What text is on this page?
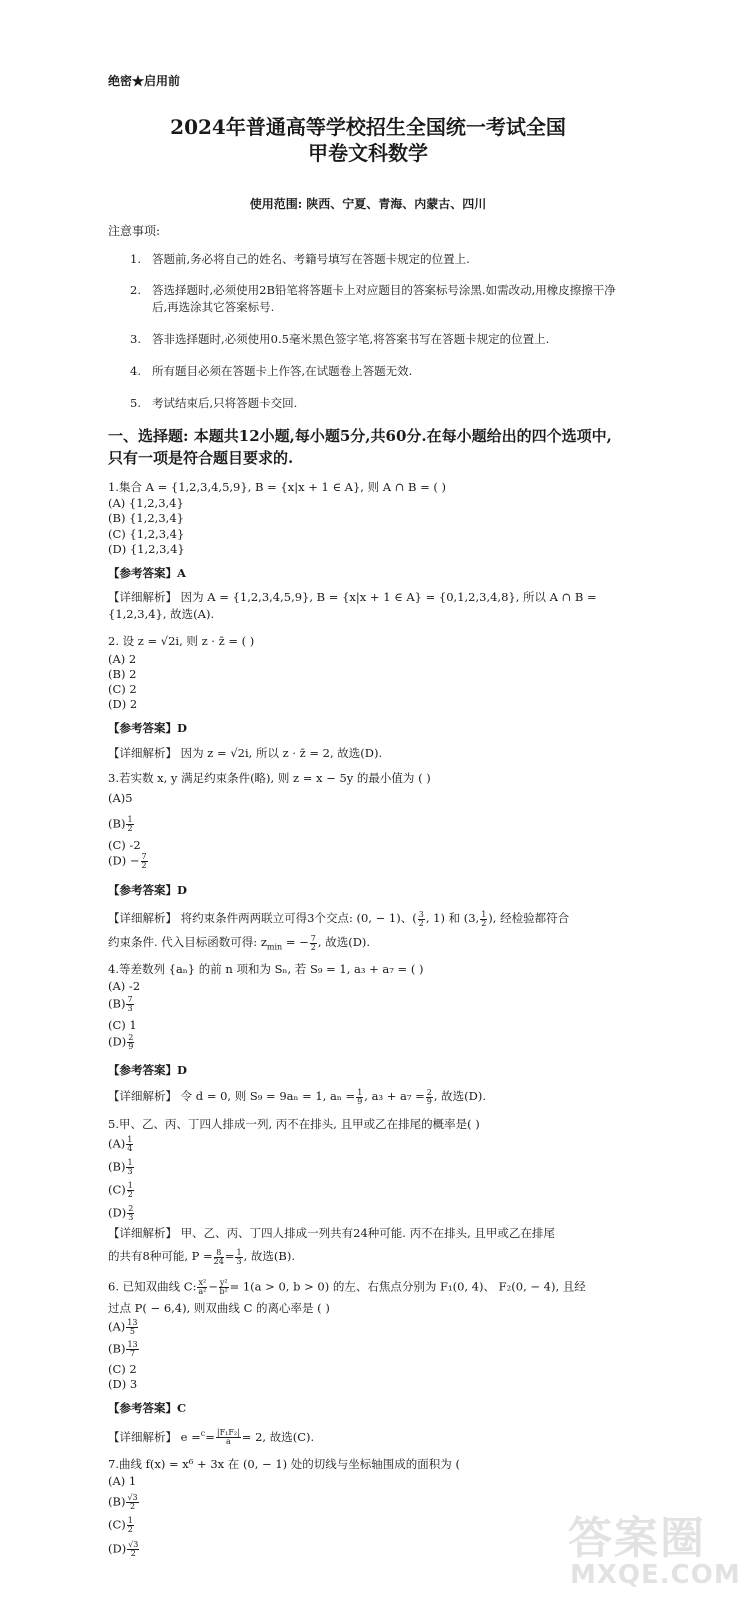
绝密★启用前
2024年普通高等学校招生全国统一考试全国
甲卷文科数学
使用范围: 陕西、宁夏、青海、内蒙古、四川
注意事项:
1. 答题前,务必将自己的姓名、考籍号填写在答题卡规定的位置上.
2. 答选择题时,必须使用2B铅笔将答题卡上对应题目的答案标号涂黑.如需改动,用橡皮擦擦干净后,再选涂其它答案标号.
3. 答非选择题时,必须使用0.5毫米黑色签字笔,将答案书写在答题卡规定的位置上.
4. 所有题目必须在答题卡上作答,在试题卷上答题无效.
5. 考试结束后,只将答题卡交回.
一、选择题: 本题共12小题,每小题5分,共60分.在每小题给出的四个选项中,只有一项是符合题目要求的.
1.集合 A = {1,2,3,4,5,9}, B = {x|x + 1 ∈ A}, 则 A ∩ B = ( )
(A) {1,2,3,4}
(B) {1,2,3,4}
(C) {1,2,3,4}
(D) {1,2,3,4}
【参考答案】A
【详细解析】 因为 A = {1,2,3,4,5,9}, B = {x|x + 1 ∈ A} = {0,1,2,3,4,8}, 所以 A ∩ B =
{1,2,3,4}, 故选(A).
2. 设 z = √2i, 则 z · z̄ = ( )
(A) 2
(B) 2
(C) 2
(D) 2
【参考答案】D
【详细解析】 因为 z = √2i, 所以 z · z̄ = 2, 故选(D).
3.若实数 x, y 满足约束条件(略), 则 z = x − 5y 的最小值为 ( )
(A)5
$(B) \frac{1}{2}$
(C) -2
$(D) - \frac{7}{2}$
【参考答案】D
【详细解析】 将约束条件两两联立可得3个交点: (0, − 1)、( $\frac{3}{2}$ , 1) 和 (3, $\frac{1}{2}$ ), 经检验都符合
约束条件. 代入目标函数可得: $z_{min}$ = − $\frac{7}{2}$ , 故选(D).
4.等差数列 {aₙ} 的前 n 项和为 Sₙ, 若 S₉ = 1, a₃ + a₇ = ( )
(A) -2
$(B) \frac{7}{3}$
(C) 1
$(D) \frac{2}{9}$
【参考答案】D
【详细解析】 令 d = 0, 则 S₉ = 9aₙ = 1, $a_n = \frac{1}{9}$ , $a_3 + a_7 = \frac{2}{9}$ , 故选(D).
5.甲、乙、丙、丁四人排成一列, 丙不在排头, 且甲或乙在排尾的概率是( )
$(A) \frac{1}{4}$
$(B) \frac{1}{3}$
$(C) \frac{1}{2}$
$(D) \frac{2}{3}$
【详细解析】 甲、乙、丙、丁四人排成一列共有24种可能. 丙不在排头, 且甲或乙在排尾
的共有8种可能, $P = \frac{8}{24} = \frac{1}{3}$ , 故选(B).
6. 已知双曲线 C: $\frac{\text{x²}}{\text{a²}} - \frac{\text{y²}}{\text{b²}} = 1(a > 0$, b > 0) 的左、右焦点分别为 F₁(0, 4)、 F₂(0, − 4), 且经
过点 P( − 6,4), 则双曲线 C 的离心率是 ( )
$(A) \frac{13}{5}$
$(B) \frac{13}{7}$
(C) 2
(D) 3
【参考答案】C
【详细解析】 $e =^c= \frac{\text{|F₁F₂|}}{a} = 2$, 故选(C).
7.曲线 f(x) = x⁶ + 3x 在 (0, − 1) 处的切线与坐标轴围成的面积为 (
(A) 1
$(B) \frac{√3}{2}$
$(C) \frac{1}{2}$
$(D) \frac{√3}{2}$	答案圈
MXQE.COM
